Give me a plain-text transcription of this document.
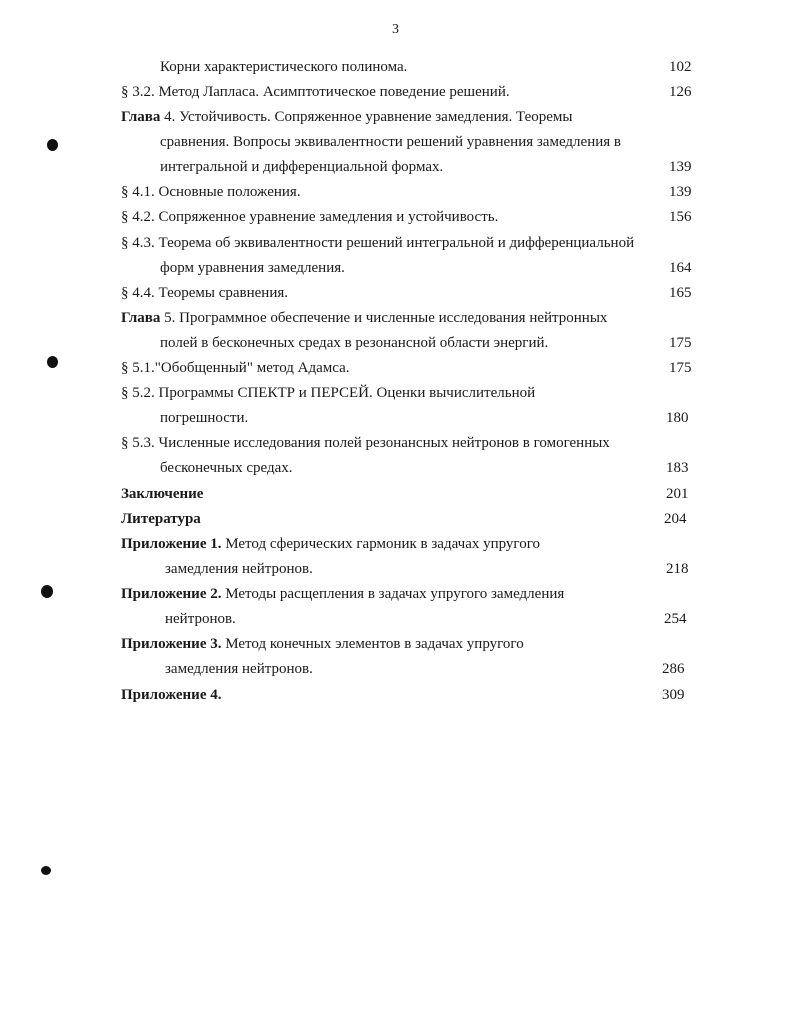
3
Корни характеристического полинома.	102
§ 3.2. Метод Лапласа. Асимптотическое поведение решений.	126
Глава 4. Устойчивость. Сопряженное уравнение замедления. Теоремы
сравнения. Вопросы эквивалентности решений уравнения замедления в
интегральной и дифференциальной формах.	139
§ 4.1. Основные положения.	139
§ 4.2. Сопряженное уравнение замедления и устойчивость.	156
§ 4.3. Теорема об эквивалентности решений интегральной и дифференциальной
форм уравнения замедления.	164
§ 4.4. Теоремы сравнения.	165
Глава 5. Программное обеспечение и численные исследования нейтронных
полей в бесконечных средах в резонансной области энергий.	175
§ 5.1."Обобщенный" метод Адамса.	175
§ 5.2. Программы СПЕКТР и ПЕРСЕЙ. Оценки вычислительной
погрешности.	180
§ 5.3. Численные исследования полей резонансных нейтронов в гомогенных
бесконечных средах.	183
Заключение	201
Литература	204
Приложение 1. Метод сферических гармоник в задачах упругого
замедления нейтронов.	218
Приложение 2. Методы расщепления в задачах упругого замедления
нейтронов.	254
Приложение 3. Метод конечных элементов в задачах упругого
замедления нейтронов.	286
Приложение 4.	309
